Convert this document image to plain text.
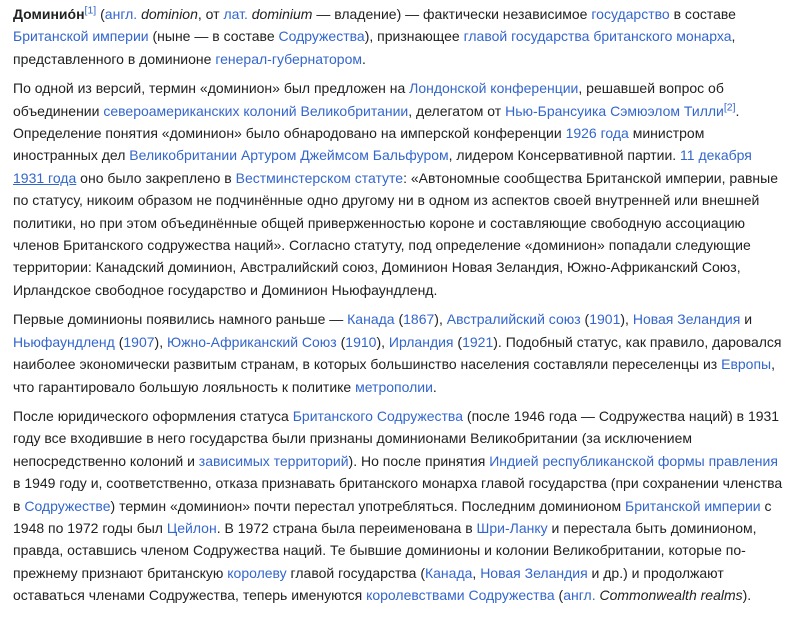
Доминио́н[1] (англ. dominion, от лат. dominium — владение) — фактически независимое государство в составе Британской империи (ныне — в составе Содружества), признающее главой государства британского монарха, представленного в доминионе генерал-губернатором.

По одной из версий, термин «доминион» был предложен на Лондонской конференции, решавшей вопрос об объединении североамериканских колоний Великобритании, делегатом от Нью-Брансуика Сэмюэлом Тилли[2]. Определение понятия «доминион» было обнародовано на имперской конференции 1926 года министром иностранных дел Великобритании Артуром Джеймсом Бальфуром, лидером Консервативной партии. 11 декабря 1931 года оно было закреплено в Вестминстерском статуте: «Автономные сообщества Британской империи, равные по статусу, никоим образом не подчинённые одно другому ни в одном из аспектов своей внутренней или внешней политики, но при этом объединённые общей приверженностью короне и составляющие свободную ассоциацию членов Британского содружества наций». Согласно статуту, под определение «доминион» попадали следующие территории: Канадский доминион, Австралийский союз, Доминион Новая Зеландия, Южно-Африканский Союз, Ирландское свободное государство и Доминион Ньюфаундленд.

Первые доминионы появились намного раньше — Канада (1867), Австралийский союз (1901), Новая Зеландия и Ньюфаундленд (1907), Южно-Африканский Союз (1910), Ирландия (1921). Подобный статус, как правило, даровался наиболее экономически развитым странам, в которых большинство населения составляли переселенцы из Европы, что гарантировало большую лояльность к политике метрополии.

После юридического оформления статуса Британского Содружества (после 1946 года — Содружества наций) в 1931 году все входившие в него государства были признаны доминионами Великобритании (за исключением непосредственно колоний и зависимых территорий). Но после принятия Индией республиканской формы правления в 1949 году и, соответственно, отказа признавать британского монарха главой государства (при сохранении членства в Содружестве) термин «доминион» почти перестал употребляться. Последним доминионом Британской империи с 1948 по 1972 годы был Цейлон. В 1972 страна была переименована в Шри-Ланку и перестала быть доминионом, правда, оставшись членом Содружества наций. Те бывшие доминионы и колонии Великобритании, которые по-прежнему признают британскую королеву главой государства (Канада, Новая Зеландия и др.) и продолжают оставаться членами Содружества, теперь именуются королевствами Содружества (англ. Commonwealth realms).
